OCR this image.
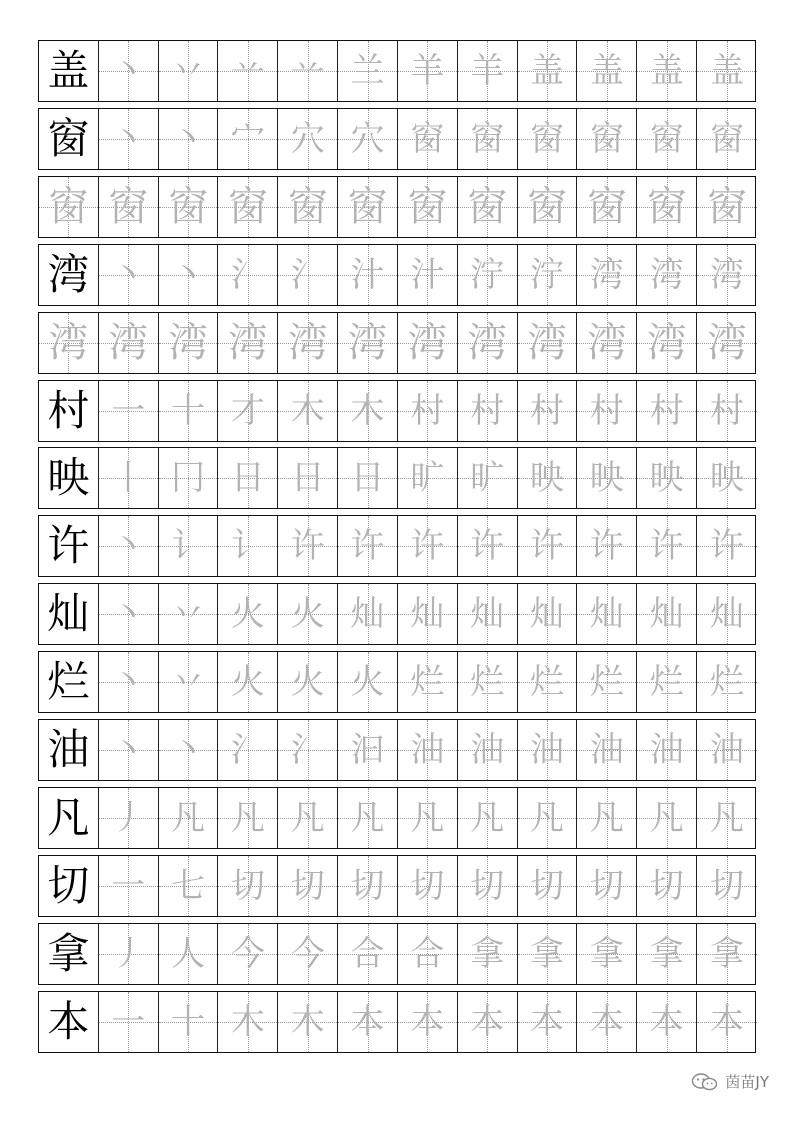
盖 丶 丷 䒑 䒑 兰 羊 羊 盖 盖 盖 盖
窗 丶 丶 宀 穴 穴 窗 窗 窗 窗 窗 窗
窗 窗 窗 窗 窗 窗 窗 窗 窗 窗 窗 窗
湾 丶 丶 氵 氵 汁 汁 泞 泞 湾 湾 湾
湾 湾 湾 湾 湾 湾 湾 湾 湾 湾 湾 湾
村 一 十 才 木 木 村 村 村 村 村 村
映 丨 冂 日 日 日 旷 旷 映 映 映 映
许 丶 讠 讠 许 许 许 许 许 许 许 许
灿 丶 丷 火 火 灿 灿 灿 灿 灿 灿 灿
烂 丶 丷 火 火 火 烂 烂 烂 烂 烂 烂
油 丶 丶 氵 氵 汩 油 油 油 油 油 油
凡 丿 凡 凡 凡 凡 凡 凡 凡 凡 凡 凡
切 一 七 切 切 切 切 切 切 切 切 切
拿 丿 人 今 今 合 合 拿 拿 拿 拿 拿
本 一 十 木 木 本 本 本 本 本 本 本
茵苗JY
